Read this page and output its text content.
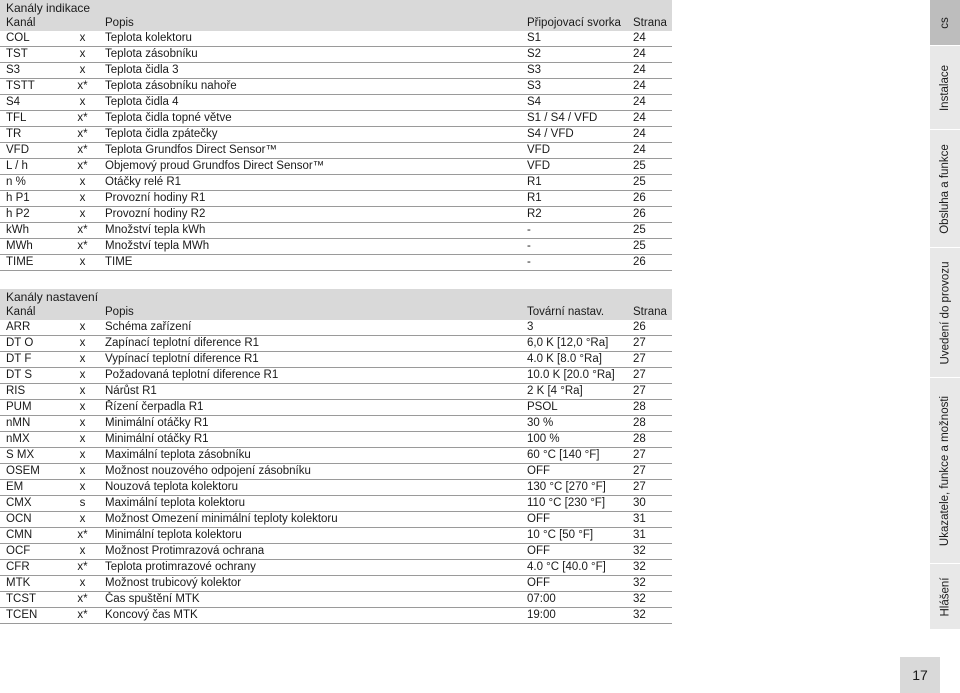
Kanály indikace
Kanál		Popis	Připojovací svorka	Strana
COL	x	Teplota kolektoru	S1	24
TST	x	Teplota zásobníku	S2	24
S3	x	Teplota čidla 3	S3	24
TSTT	x*	Teplota zásobníku nahoře	S3	24
S4	x	Teplota čidla 4	S4	24
TFL	x*	Teplota čidla topné větve	S1 / S4 / VFD	24
TR	x*	Teplota čidla zpátečky	S4 / VFD	24
VFD	x*	Teplota Grundfos Direct Sensor™	VFD	24
L / h	x*	Objemový proud Grundfos Direct Sensor™	VFD	25
n %	x	Otáčky relé R1	R1	25
h P1	x	Provozní hodiny R1	R1	26
h P2	x	Provozní hodiny R2	R2	26
kWh	x*	Množství tepla kWh	-	25
MWh	x*	Množství tepla MWh	-	25
TIME	x	TIME	-	26
Kanály nastavení
Kanál		Popis	Tovární nastav.	Strana
ARR	x	Schéma zařízení	3	26
DT O	x	Zapínací teplotní diference R1	6,0 K [12,0 °Ra]	27
DT F	x	Vypínací teplotní diference R1	4.0 K [8.0 °Ra]	27
DT S	x	Požadovaná teplotní diference R1	10.0 K [20.0 °Ra]	27
RIS	x	Nárůst R1	2 K [4 °Ra]	27
PUM	x	Řízení čerpadla R1	PSOL	28
nMN	x	Minimální otáčky R1	30 %	28
nMX	x	Minimální otáčky R1	100 %	28
S MX	x	Maximální teplota zásobníku	60 °C [140 °F]	27
OSEM	x	Možnost nouzového odpojení zásobníku	OFF	27
EM	x	Nouzová teplota kolektoru	130 °C [270 °F]	27
CMX	s	Maximální teplota kolektoru	110 °C [230 °F]	30
OCN	x	Možnost Omezení minimální teploty kolektoru	OFF	31
CMN	x*	Minimální teplota kolektoru	10 °C [50 °F]	31
OCF	x	Možnost Protimrazová ochrana	OFF	32
CFR	x*	Teplota protimrazové ochrany	4.0 °C [40.0 °F]	32
MTK	x	Možnost trubicový kolektor	OFF	32
TCST	x*	Čas spuštění MTK	07:00	32
TCEN	x*	Koncový čas MTK	19:00	32
cs
Instalace
Obsluha a funkce
Uvedení do provozu
Ukazatele, funkce a možnosti
Hlášení
17
